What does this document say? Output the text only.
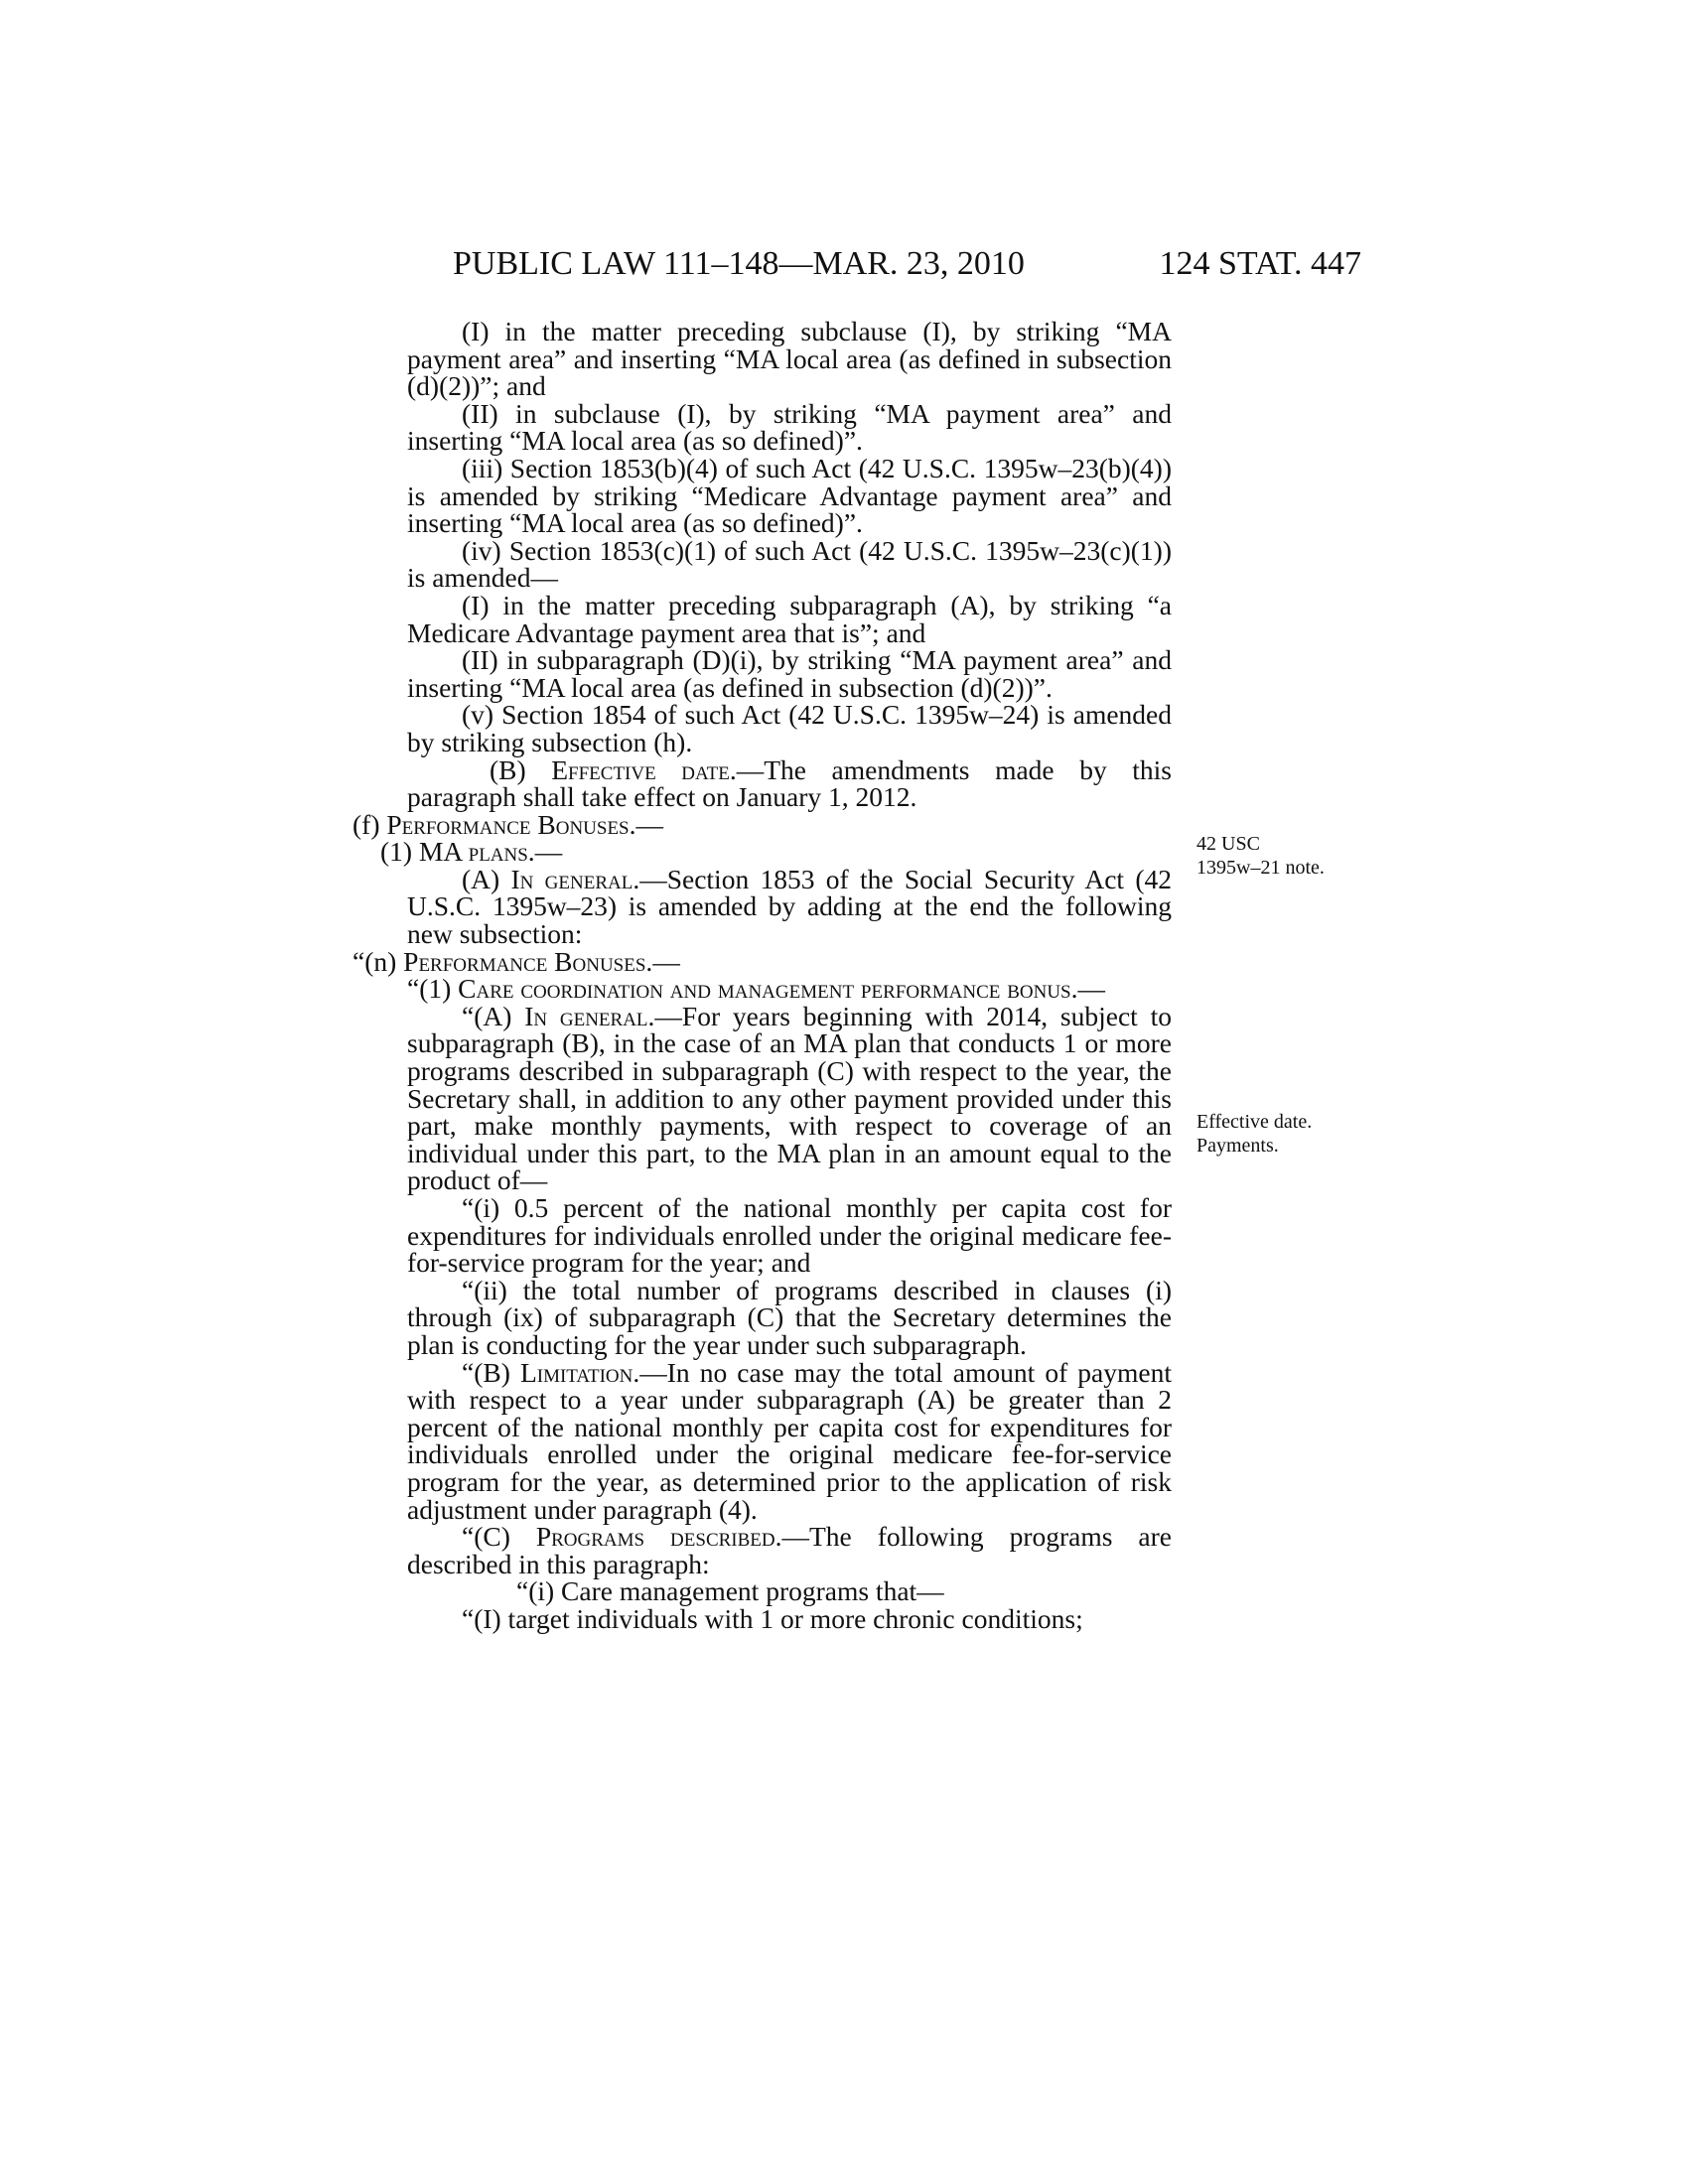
PUBLIC LAW 111–148—MAR. 23, 2010	124 STAT. 447

(I) in the matter preceding subclause (I), by striking “MA payment area” and inserting “MA local area (as defined in subsection (d)(2))”; and

(II) in subclause (I), by striking “MA payment area” and inserting “MA local area (as so defined)”.

(iii) Section 1853(b)(4) of such Act (42 U.S.C. 1395w–23(b)(4)) is amended by striking “Medicare Advantage payment area” and inserting “MA local area (as so defined)”.

(iv) Section 1853(c)(1) of such Act (42 U.S.C. 1395w–23(c)(1)) is amended—

(I) in the matter preceding subparagraph (A), by striking “a Medicare Advantage payment area that is”; and

(II) in subparagraph (D)(i), by striking “MA payment area” and inserting “MA local area (as defined in subsection (d)(2))”.

(v) Section 1854 of such Act (42 U.S.C. 1395w–24) is amended by striking subsection (h).

(B) Effective date.—The amendments made by this paragraph shall take effect on January 1, 2012.

(f) Performance Bonuses.—

(1) MA plans.—

(A) In general.—Section 1853 of the Social Security Act (42 U.S.C. 1395w–23) is amended by adding at the end the following new subsection:

“(n) Performance Bonuses.—

“(1) Care coordination and management performance bonus.—

“(A) In general.—For years beginning with 2014, subject to subparagraph (B), in the case of an MA plan that conducts 1 or more programs described in subparagraph (C) with respect to the year, the Secretary shall, in addition to any other payment provided under this part, make monthly payments, with respect to coverage of an individual under this part, to the MA plan in an amount equal to the product of—

“(i) 0.5 percent of the national monthly per capita cost for expenditures for individuals enrolled under the original medicare fee-for-service program for the year; and

“(ii) the total number of programs described in clauses (i) through (ix) of subparagraph (C) that the Secretary determines the plan is conducting for the year under such subparagraph.

“(B) Limitation.—In no case may the total amount of payment with respect to a year under subparagraph (A) be greater than 2 percent of the national monthly per capita cost for expenditures for individuals enrolled under the original medicare fee-for-service program for the year, as determined prior to the application of risk adjustment under paragraph (4).

“(C) Programs described.—The following programs are described in this paragraph:

“(i) Care management programs that—

“(I) target individuals with 1 or more chronic conditions;

42 USC
1395w–21 note.
Effective date.
Payments.
